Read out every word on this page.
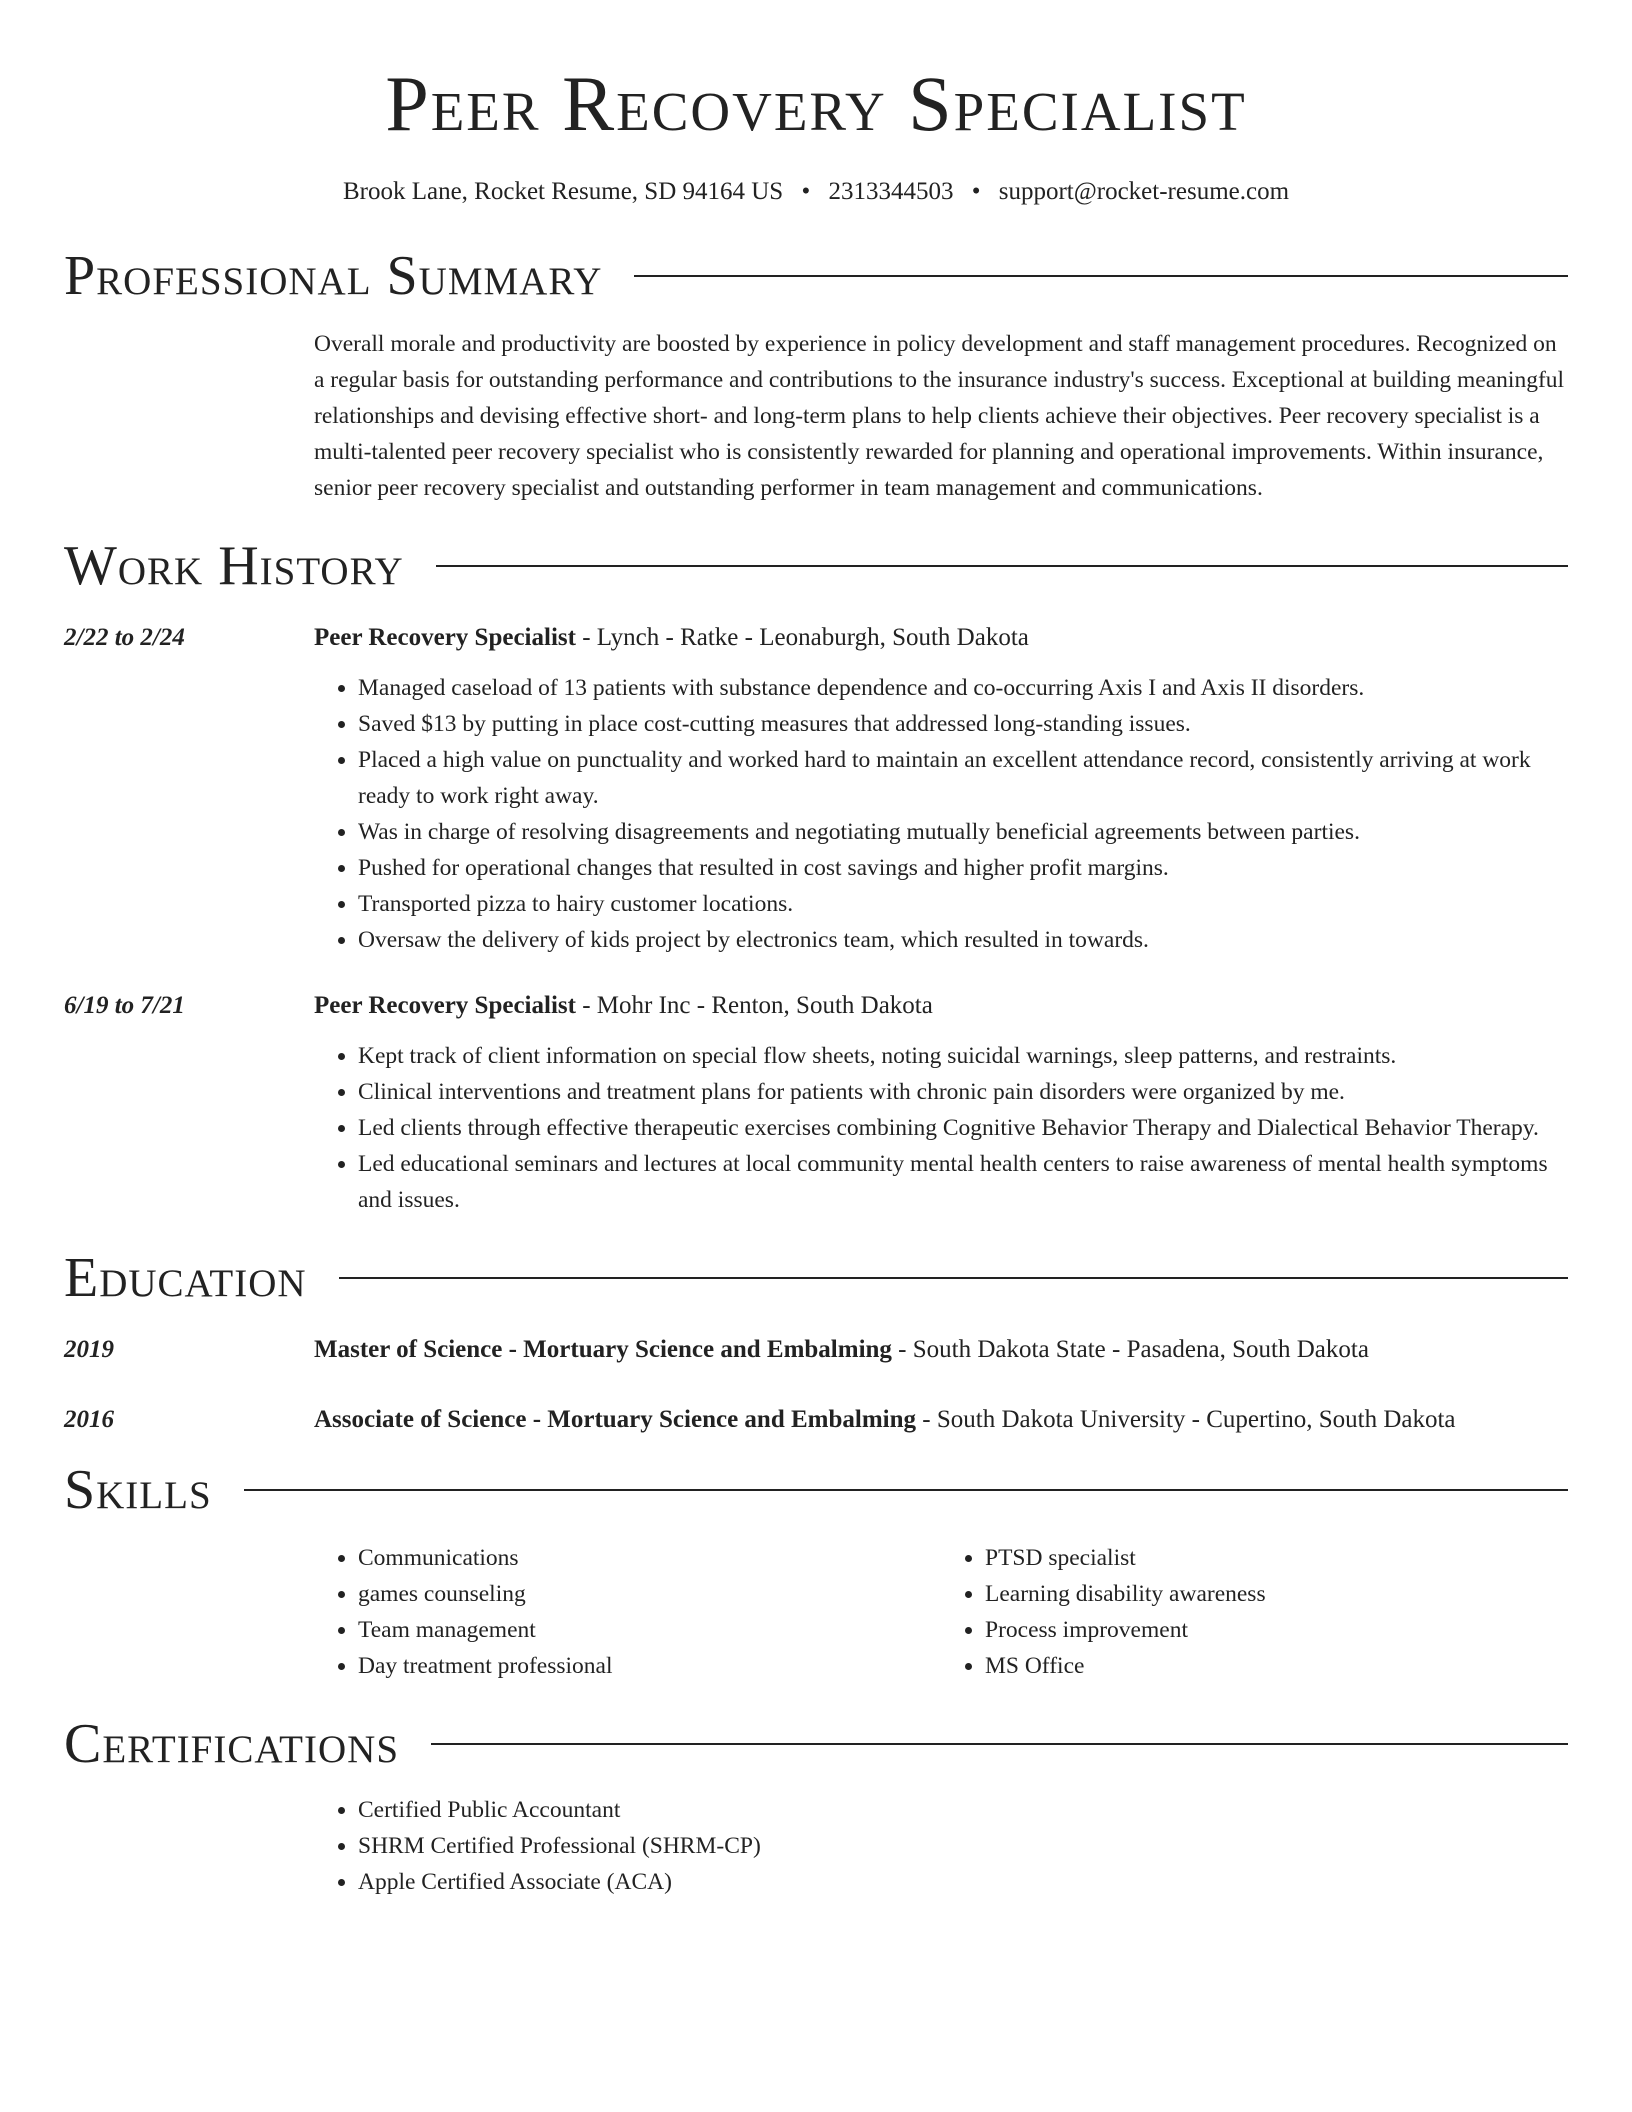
Peer Recovery Specialist
Brook Lane, Rocket Resume, SD 94164 US • 2313344503 • support@rocket-resume.com
Professional Summary
Overall morale and productivity are boosted by experience in policy development and staff management procedures. Recognized on a regular basis for outstanding performance and contributions to the insurance industry's success. Exceptional at building meaningful relationships and devising effective short- and long-term plans to help clients achieve their objectives. Peer recovery specialist is a multi-talented peer recovery specialist who is consistently rewarded for planning and operational improvements. Within insurance, senior peer recovery specialist and outstanding performer in team management and communications.
Work History
2/22 to 2/24	Peer Recovery Specialist - Lynch - Ratke - Leonaburgh, South Dakota
• Managed caseload of 13 patients with substance dependence and co-occurring Axis I and Axis II disorders.
• Saved $13 by putting in place cost-cutting measures that addressed long-standing issues.
• Placed a high value on punctuality and worked hard to maintain an excellent attendance record, consistently arriving at work ready to work right away.
• Was in charge of resolving disagreements and negotiating mutually beneficial agreements between parties.
• Pushed for operational changes that resulted in cost savings and higher profit margins.
• Transported pizza to hairy customer locations.
• Oversaw the delivery of kids project by electronics team, which resulted in towards.
6/19 to 7/21	Peer Recovery Specialist - Mohr Inc - Renton, South Dakota
• Kept track of client information on special flow sheets, noting suicidal warnings, sleep patterns, and restraints.
• Clinical interventions and treatment plans for patients with chronic pain disorders were organized by me.
• Led clients through effective therapeutic exercises combining Cognitive Behavior Therapy and Dialectical Behavior Therapy.
• Led educational seminars and lectures at local community mental health centers to raise awareness of mental health symptoms and issues.
Education
2019	Master of Science - Mortuary Science and Embalming - South Dakota State - Pasadena, South Dakota
2016	Associate of Science - Mortuary Science and Embalming - South Dakota University - Cupertino, South Dakota
Skills
• Communications
• games counseling
• Team management
• Day treatment professional
• PTSD specialist
• Learning disability awareness
• Process improvement
• MS Office
Certifications
• Certified Public Accountant
• SHRM Certified Professional (SHRM-CP)
• Apple Certified Associate (ACA)
